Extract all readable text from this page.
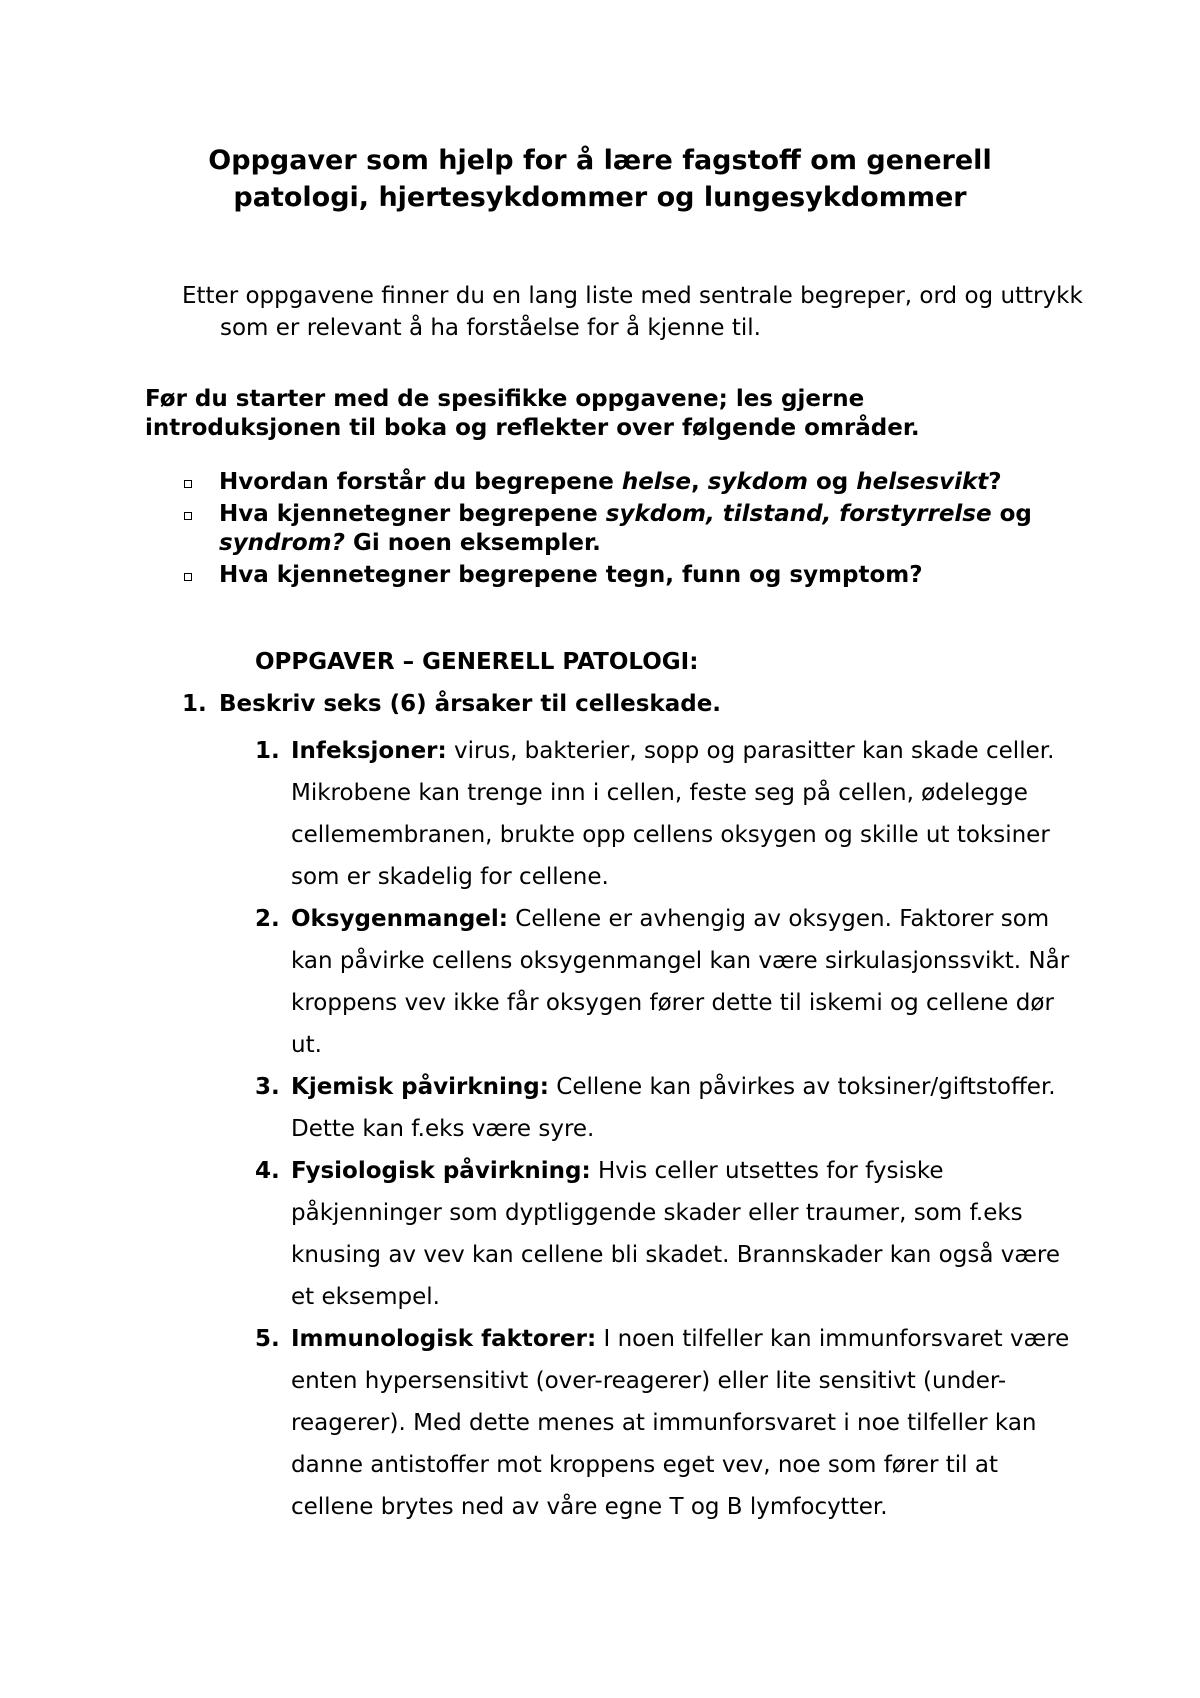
Oppgaver som hjelp for å lære fagstoff om generell
patologi, hjertesykdommer og lungesykdommer
Etter oppgavene finner du en lang liste med sentrale begreper, ord og uttrykk som er relevant å ha forståelse for å kjenne til.
Før du starter med de spesifikke oppgavene; les gjerne
introduksjonen til boka og reflekter over følgende områder.
Hvordan forstår du begrepene helse, sykdom og helsesvikt?
Hva kjennetegner begrepene sykdom, tilstand, forstyrrelse og syndrom? Gi noen eksempler.
Hva kjennetegner begrepene tegn, funn og symptom?
OPPGAVER – GENERELL PATOLOGI:
1. Beskriv seks (6) årsaker til celleskade.
1. Infeksjoner: virus, bakterier, sopp og parasitter kan skade celler. Mikrobene kan trenge inn i cellen, feste seg på cellen, ødelegge cellemembranen, brukte opp cellens oksygen og skille ut toksiner som er skadelig for cellene.
2. Oksygenmangel: Cellene er avhengig av oksygen. Faktorer som kan påvirke cellens oksygenmangel kan være sirkulasjonssvikt. Når kroppens vev ikke får oksygen fører dette til iskemi og cellene dør ut.
3. Kjemisk påvirkning: Cellene kan påvirkes av toksiner/giftstoffer. Dette kan f.eks være syre.
4. Fysiologisk påvirkning: Hvis celler utsettes for fysiske påkjenninger som dyptliggende skader eller traumer, som f.eks knusing av vev kan cellene bli skadet. Brannskader kan også være et eksempel.
5. Immunologisk faktorer: I noen tilfeller kan immunforsvaret være enten hypersensitivt (over-reagerer) eller lite sensitivt (under-reagerer). Med dette menes at immunforsvaret i noe tilfeller kan danne antistoffer mot kroppens eget vev, noe som fører til at cellene brytes ned av våre egne T og B lymfocytter.
